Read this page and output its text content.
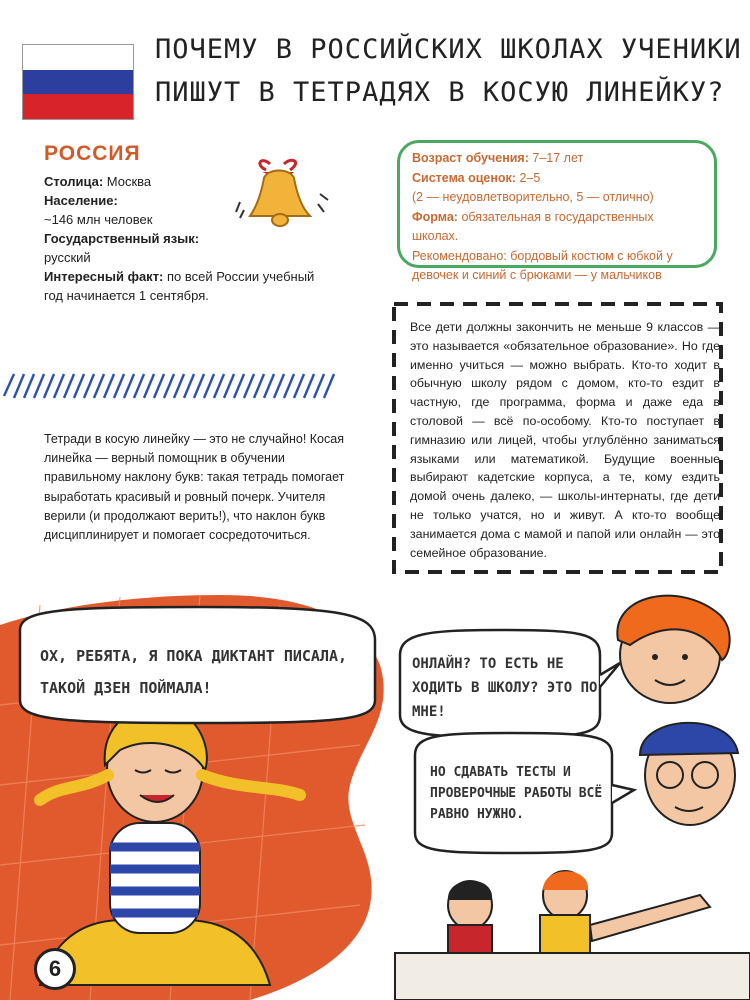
ПОЧЕМУ В РОССИЙСКИХ ШКОЛАХ УЧЕНИКИ ПИШУТ В ТЕТРАДЯХ В КОСУЮ ЛИНЕЙКУ?
РОССИЯ
Столица: Москва
Население:
~146 млн человек
Государственный язык:
русский
Интересный факт: по всей России учебный год начинается 1 сентября.
Возраст обучения: 7–17 лет
Система оценок: 2–5
(2 — неудовлетворительно, 5 — отлично)
Форма: обязательная в государственных школах.
Рекомендовано: бордовый костюм с юбкой у девочек и синий с брюками — у мальчиков
Все дети должны закончить не меньше 9 классов — это называется «обязательное образование». Но где именно учиться — можно выбрать. Кто-то ходит в обычную школу рядом с домом, кто-то ездит в частную, где программа, форма и даже еда в столовой — всё по-особому. Кто-то поступает в гимназию или лицей, чтобы углублённо заниматься языками или математикой. Будущие военные выбирают кадетские корпуса, а те, кому ездить домой очень далеко, — школы-интернаты, где дети не только учатся, но и живут. А кто-то вообще занимается дома с мамой и папой или онлайн — это семейное образование.
Тетради в косую линейку — это не случайно! Косая линейка — верный помощник в обучении правильному наклону букв: такая тетрадь помогает выработать красивый и ровный почерк. Учителя верили (и продолжают верить!), что наклон букв дисциплинирует и помогает сосредоточиться.
ОХ, РЕБЯТА, Я ПОКА ДИКТАНТ ПИСАЛА, ТАКОЙ ДЗЕН ПОЙМАЛА!
ОНЛАЙН? ТО ЕСТЬ НЕ ХОДИТЬ В ШКОЛУ? ЭТО ПО МНЕ!
НО СДАВАТЬ ТЕСТЫ И ПРОВЕРОЧНЫЕ РАБОТЫ ВСЁ РАВНО НУЖНО.
6
